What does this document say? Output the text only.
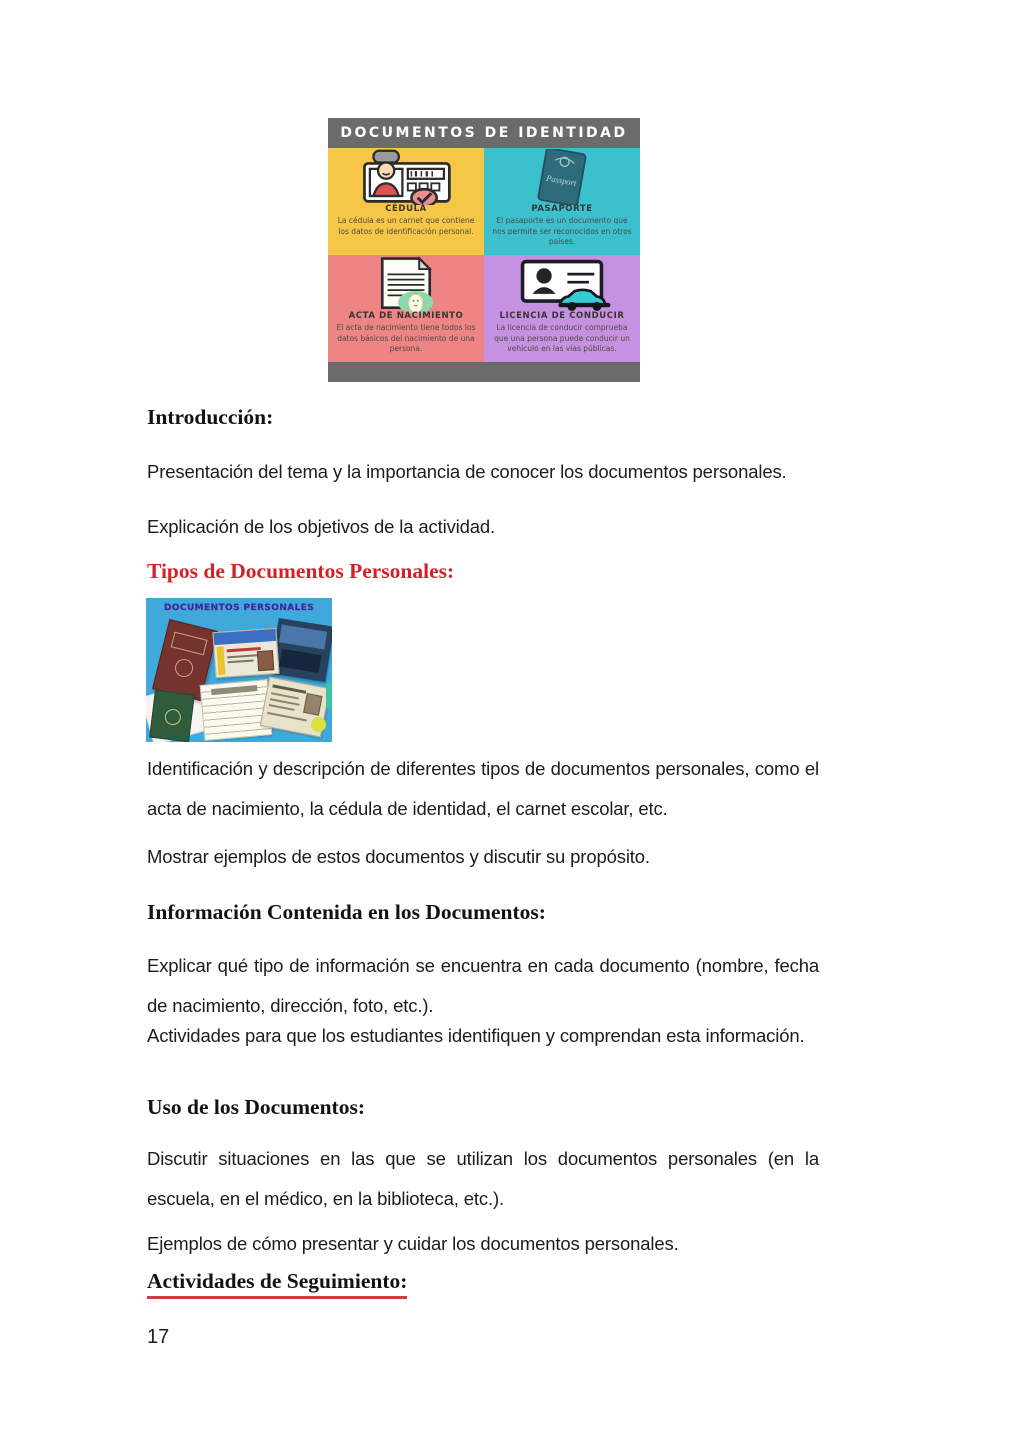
DOCUMENTOS DE IDENTIDAD
CÉDULA
La cédula es un carnet que contiene los datos de identificación personal.
Passport
PASAPORTE
El pasaporte es un documento que nos permite ser reconocidos en otros países.
ACTA DE NACIMIENTO
El acta de nacimiento tiene todos los datos básicos del nacimiento de una persona.
LICENCIA DE CONDUCIR
La licencia de conducir comprueba que una persona puede conducir un vehículo en las vías públicas.
Introducción:
Presentación del tema y la importancia de conocer los documentos personales.
Explicación de los objetivos de la actividad.
Tipos de Documentos Personales:
DOCUMENTOS PERSONALES
Identificación y descripción de diferentes tipos de documentos personales, como el acta de nacimiento, la cédula de identidad, el carnet escolar, etc.
Mostrar ejemplos de estos documentos y discutir su propósito.
Información Contenida en los Documentos:
Explicar qué tipo de información se encuentra en cada documento (nombre, fecha de nacimiento, dirección, foto, etc.).
Actividades para que los estudiantes identifiquen y comprendan esta información.
Uso de los Documentos:
Discutir situaciones en las que se utilizan los documentos personales (en la escuela, en el médico, en la biblioteca, etc.).
Ejemplos de cómo presentar y cuidar los documentos personales.
Actividades de Seguimiento:
17
